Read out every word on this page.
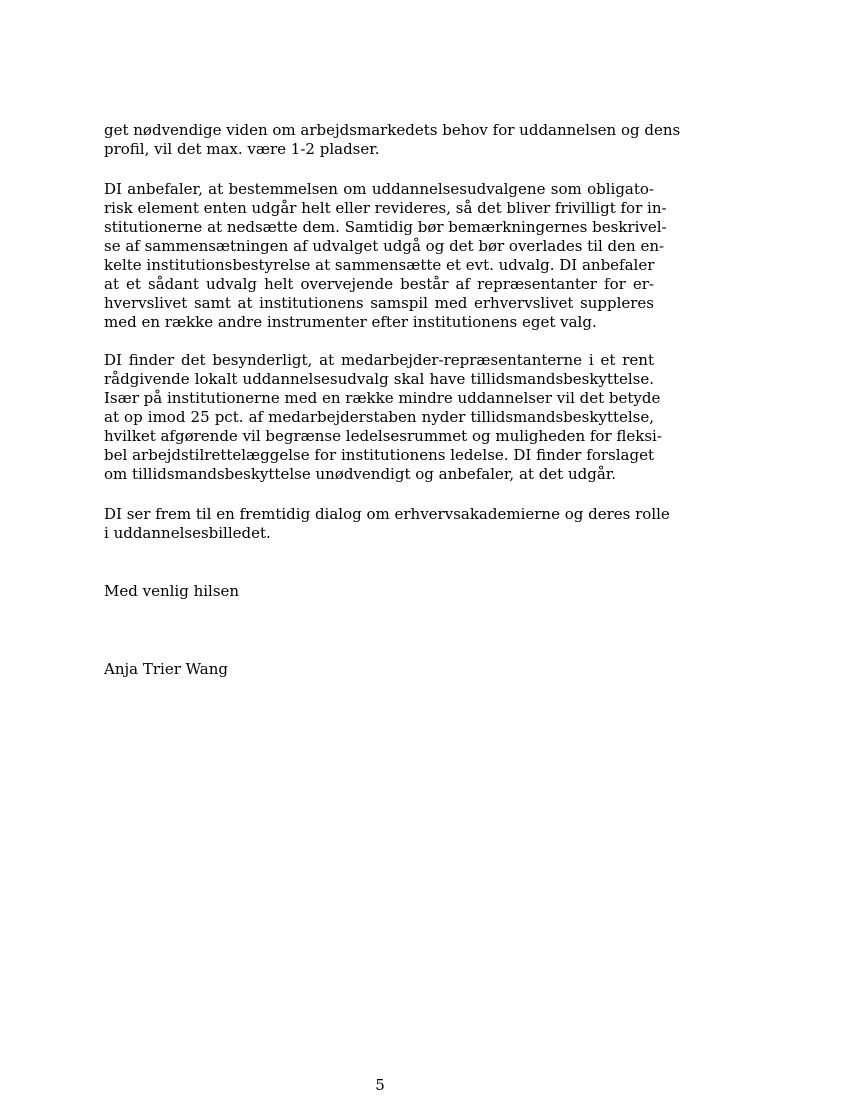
get nødvendige viden om arbejdsmarkedets behov for uddannelsen og dens
profil, vil det max. være 1-2 pladser.
DI anbefaler, at bestemmelsen om uddannelsesudvalgene som obligato-
risk element enten udgår helt eller revideres, så det bliver frivilligt for in-
stitutionerne at nedsætte dem. Samtidig bør bemærkningernes beskrivel-
se af sammensætningen af udvalget udgå og det bør overlades til den en-
kelte institutionsbestyrelse at sammensætte et evt. udvalg. DI anbefaler
at et sådant udvalg helt overvejende består af repræsentanter for er-
hvervslivet samt at institutionens samspil med erhvervslivet suppleres
med en række andre instrumenter efter institutionens eget valg.
DI finder det besynderligt, at medarbejder-repræsentanterne i et rent
rådgivende lokalt uddannelsesudvalg skal have tillidsmandsbeskyttelse.
Især på institutionerne med en række mindre uddannelser vil det betyde
at op imod 25 pct. af medarbejderstaben nyder tillidsmandsbeskyttelse,
hvilket afgørende vil begrænse ledelsesrummet og muligheden for fleksi-
bel arbejdstilrettelæggelse for institutionens ledelse. DI finder forslaget
om tillidsmandsbeskyttelse unødvendigt og anbefaler, at det udgår.
DI ser frem til en fremtidig dialog om erhvervsakademierne og deres rolle
i uddannelsesbilledet.
Med venlig hilsen
Anja Trier Wang
5
